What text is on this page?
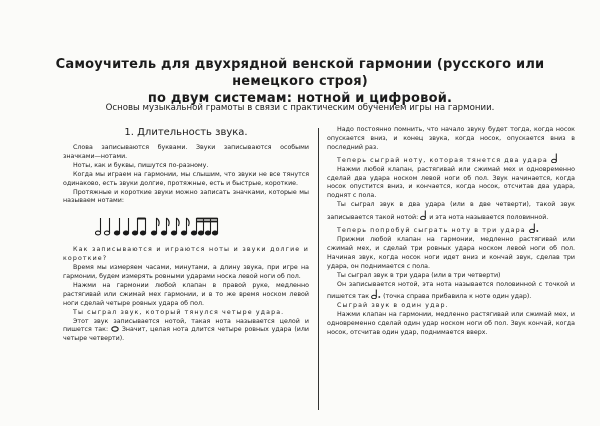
Самоучитель для двухрядной венской гармонии (русского или немецкого строя)
по двум системам: нотной и цифровой.
Основы музыкальной грамоты в связи с практическим обучением игры на гармонии.
1. Длительность звука.

Слова записываются буквами. Звуки записываются особыми значками—нотами.

Ноты, как и буквы, пишутся по-разному.

Когда мы играем на гармонии, мы слышим, что звуки не все тянутся одинаково, есть звуки долгие, протяжные, есть и быстрые, короткие.

Протяжные и короткие звуки можно записать значками, которые мы называем нотами:

Как записываются и играются ноты и звуки долгие и короткие?

Время мы измеряем часами, минутами, а длину звука, при игре на гармонии, будем измерять ровными ударами носка левой ноги об пол.

Нажми на гармонии любой клапан в правой руке, медленно растягивай или сжимай мех гармонии, и в то же время носком левой ноги сделай четыре ровных удара об пол.

Ты сыграл звук, который тянулся четыре удара.

Этот звук записывается нотой, такая нота называется целой и пишется так: Значит, целая нота длится четыре ровных удара (или четыре четверти).

Надо постоянно помнить, что начало звуку будет тогда, когда носок опускается вниз, и конец звука, когда носок, опускается вниз в последний раз.

Теперь сыграй ноту, которая тянется два удара

Нажми любой клапан, растягивай или сжимай мех и одновременно сделай два удара носком левой ноги об пол. Звук начинается, когда носок опустится вниз, и кончается, когда носок, отсчитав два удара, поднят с пола.

Ты сыграл звук в два удара (или в две четверти), такой звук записывается такой нотой: и эта нота называется половинной.

Теперь попробуй сыграть ноту в три удара

Прижми любой клапан на гармонии, медленно растягивай или сжимай мех, и сделай три ровных удара носком левой ноги об пол. Начиная звук, когда носок ноги идет вниз и кончай звук, сделав три удара, он поднимается с пола.

Ты сыграл звук в три удара (или в три четверти)

Он записывается нотой, эта нота называется половинной с точкой и пишется так (точка справа прибавила к ноте один удар).

Сыграй звук в один удар.

Нажми клапан на гармонии, медленно растягивай или сжимай мех, и одновременно сделай один удар носком ноги об пол. Звук кончай, когда носок, отсчитав один удар, поднимается вверх.
